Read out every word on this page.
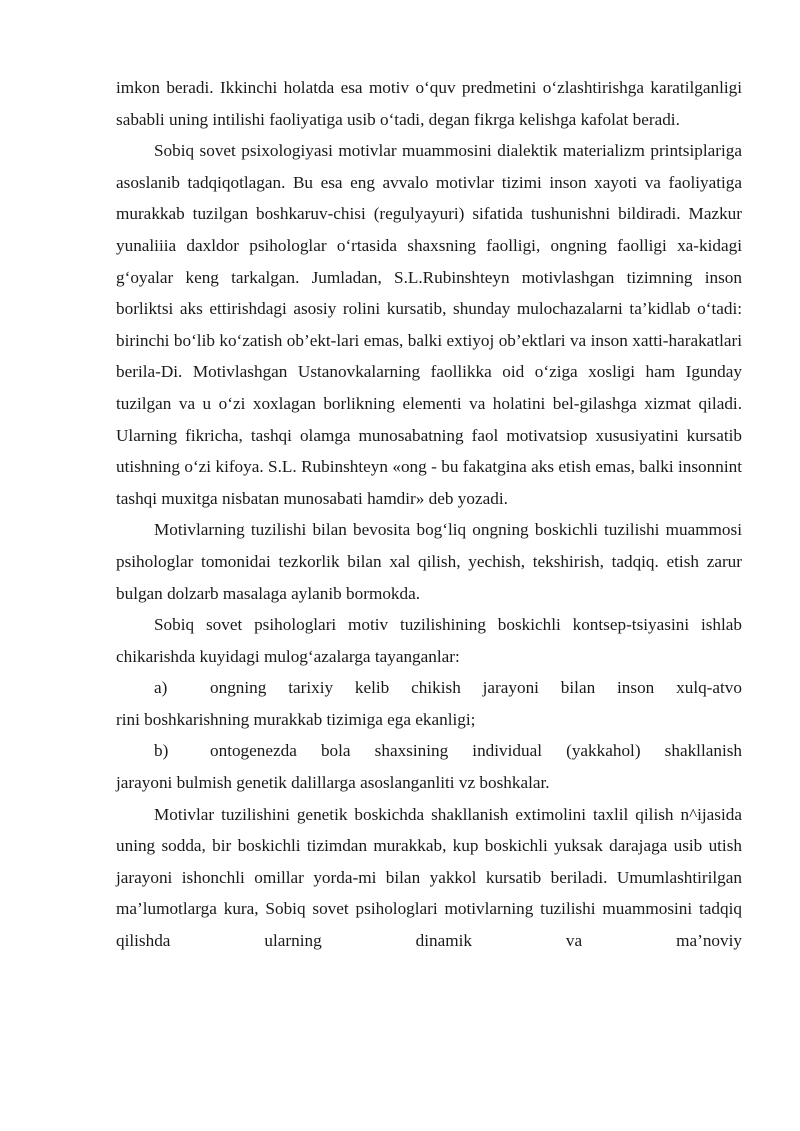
imkon beradi. Ikkinchi holatda esa motiv o‘quv predmetini o‘zlashtirishga karatilganligi sababli uning intilishi faoliyatiga usib o‘tadi, degan fikrga kelishga kafolat beradi.

Sobiq sovet psixologiyasi motivlar muammosini dialektik materializm printsiplariga asoslanib tadqiqotlagan. Bu esa eng avvalo motivlar tizimi inson xayoti va faoliyatiga murakkab tuzilgan boshkaruv-chisi (regulyayuri) sifatida tushunishni bildiradi. Mazkur yunaliiia daxldor psihologlar o‘rtasida shaxsning faolligi, ongning faolligi xa-kidagi g‘oyalar keng tarkalgan. Jumladan, S.L.Rubinshteyn motivlashgan tizimning inson borliktsi aks ettirishdagi asosiy rolini kursatib, shunday mulochazalarni ta’kidlab o‘tadi: birinchi bo‘lib ko‘zatish ob’ekt-lari emas, balki extiyoj ob’ektlari va inson xatti-harakatlari berila-Di. Motivlashgan Ustanovkalarning faollikka oid o‘ziga xosligi ham Igunday tuzilgan va u o‘zi xoxlagan borlikning elementi va holatini bel-gilashga xizmat qiladi. Ularning fikricha, tashqi olamga munosabatning faol motivatsiop xususiyatini kursatib utishning o‘zi kifoya. S.L. Rubinshteyn «ong - bu fakatgina aks etish emas, balki insonnint tashqi muxitga nisbatan munosabati hamdir» deb yozadi.

Motivlarning tuzilishi bilan bevosita bog‘liq ongning boskichli tuzilishi muammosi psihologlar tomonidai tezkorlik bilan xal qilish, yechish, tekshirish, tadqiq. etish zarur bulgan dolzarb masalaga aylanib bormokda.

Sobiq sovet psihologlari motiv tuzilishining boskichli kontsep-tsiyasini ishlab chikarishda kuyidagi mulog‘azalarga tayanganlar:

a)	ongning tarixiy kelib chikish jarayoni bilan inson xulq-atvo

rini boshkarishning murakkab tizimiga ega ekanligi;

b)	ontogenezda bola shaxsining individual (yakkahol) shakllanish

jarayoni bulmish genetik dalillarga asoslanganliti vz boshkalar.

Motivlar tuzilishini genetik boskichda shakllanish extimolini taxlil qilish n^ijasida uning sodda, bir boskichli tizimdan murakkab, kup boskichli yuksak darajaga usib utish jarayoni ishonchli omillar yorda-mi bilan yakkol kursatib beriladi. Umumlashtirilgan ma’lumotlarga kura, Sobiq sovet psihologlari motivlarning tuzilishi muammosini tadqiq qilishda ularning dinamik va ma’noviy
